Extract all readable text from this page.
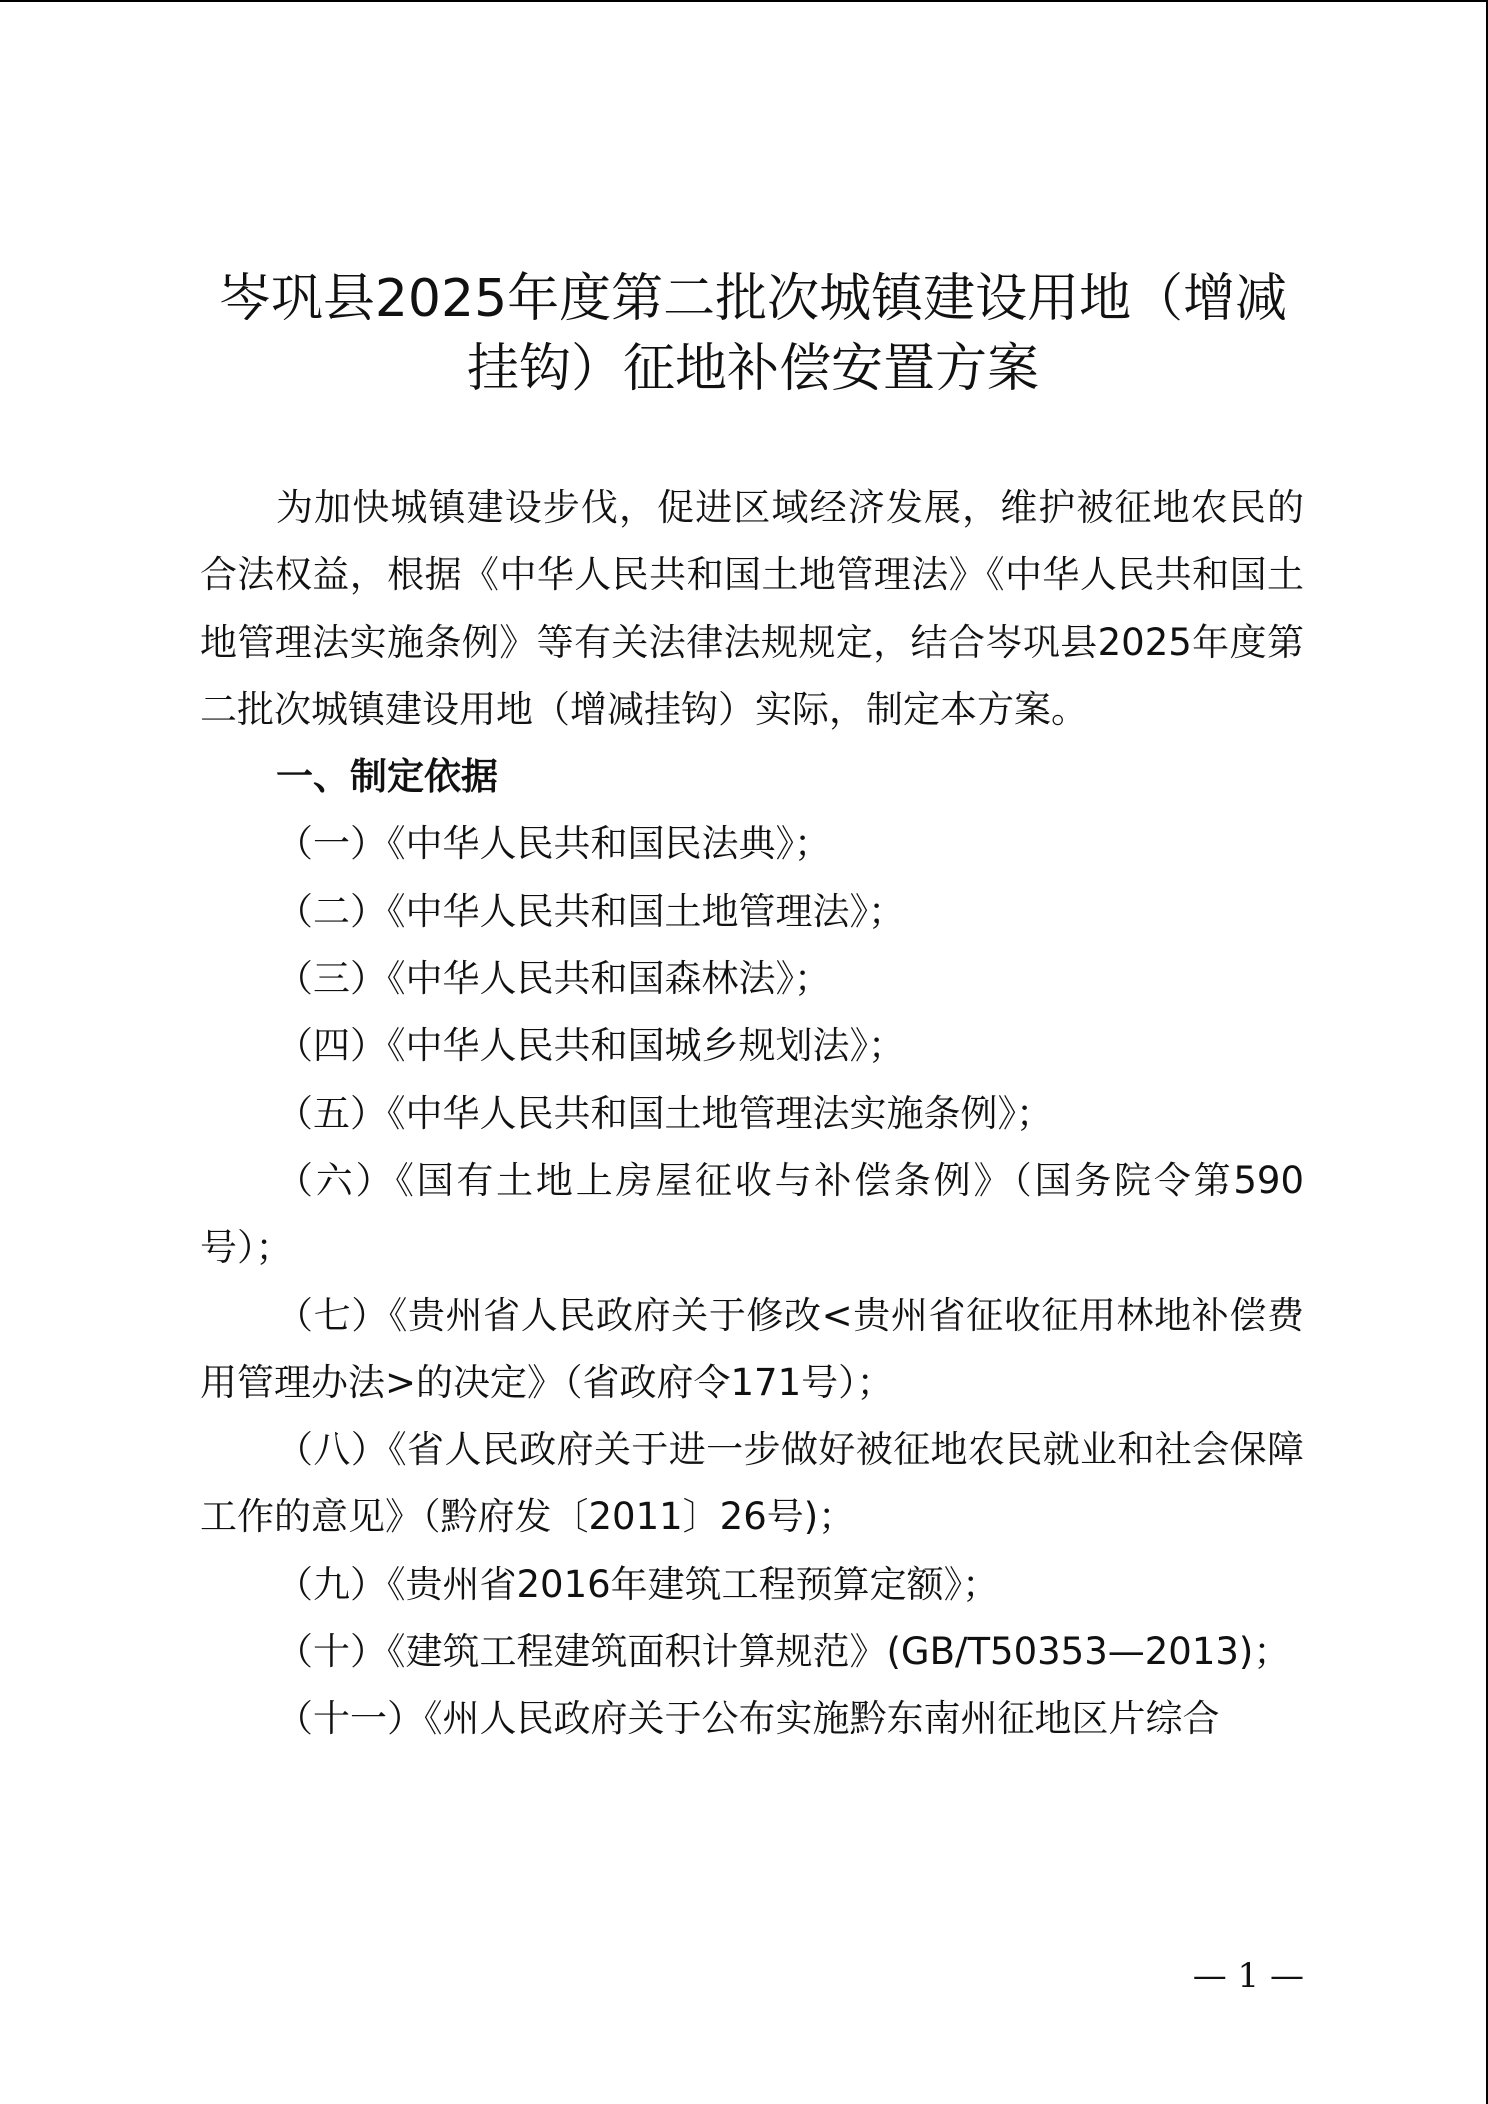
岑巩县2025年度第二批次城镇建设用地（增减
挂钩）征地补偿安置方案

为加快城镇建设步伐，促进区域经济发展，维护被征地农民的合法权益，根据《中华人民共和国土地管理法》《中华人民共和国土地管理法实施条例》等有关法律法规规定，结合岑巩县2025年度第二批次城镇建设用地（增减挂钩）实际，制定本方案。

一、制定依据

（一）《中华人民共和国民法典》；

（二）《中华人民共和国土地管理法》；

（三）《中华人民共和国森林法》；

（四）《中华人民共和国城乡规划法》；

（五）《中华人民共和国土地管理法实施条例》；

（六）《国有土地上房屋征收与补偿条例》（国务院令第590号）；

（七）《贵州省人民政府关于修改<贵州省征收征用林地补偿费用管理办法>的决定》（省政府令171号）；

（八）《省人民政府关于进一步做好被征地农民就业和社会保障工作的意见》（黔府发〔2011〕26号)；

（九）《贵州省2016年建筑工程预算定额》；

（十）《建筑工程建筑面积计算规范》(GB/T50353—2013)；

（十一）《州人民政府关于公布实施黔东南州征地区片综合

— 1 —
